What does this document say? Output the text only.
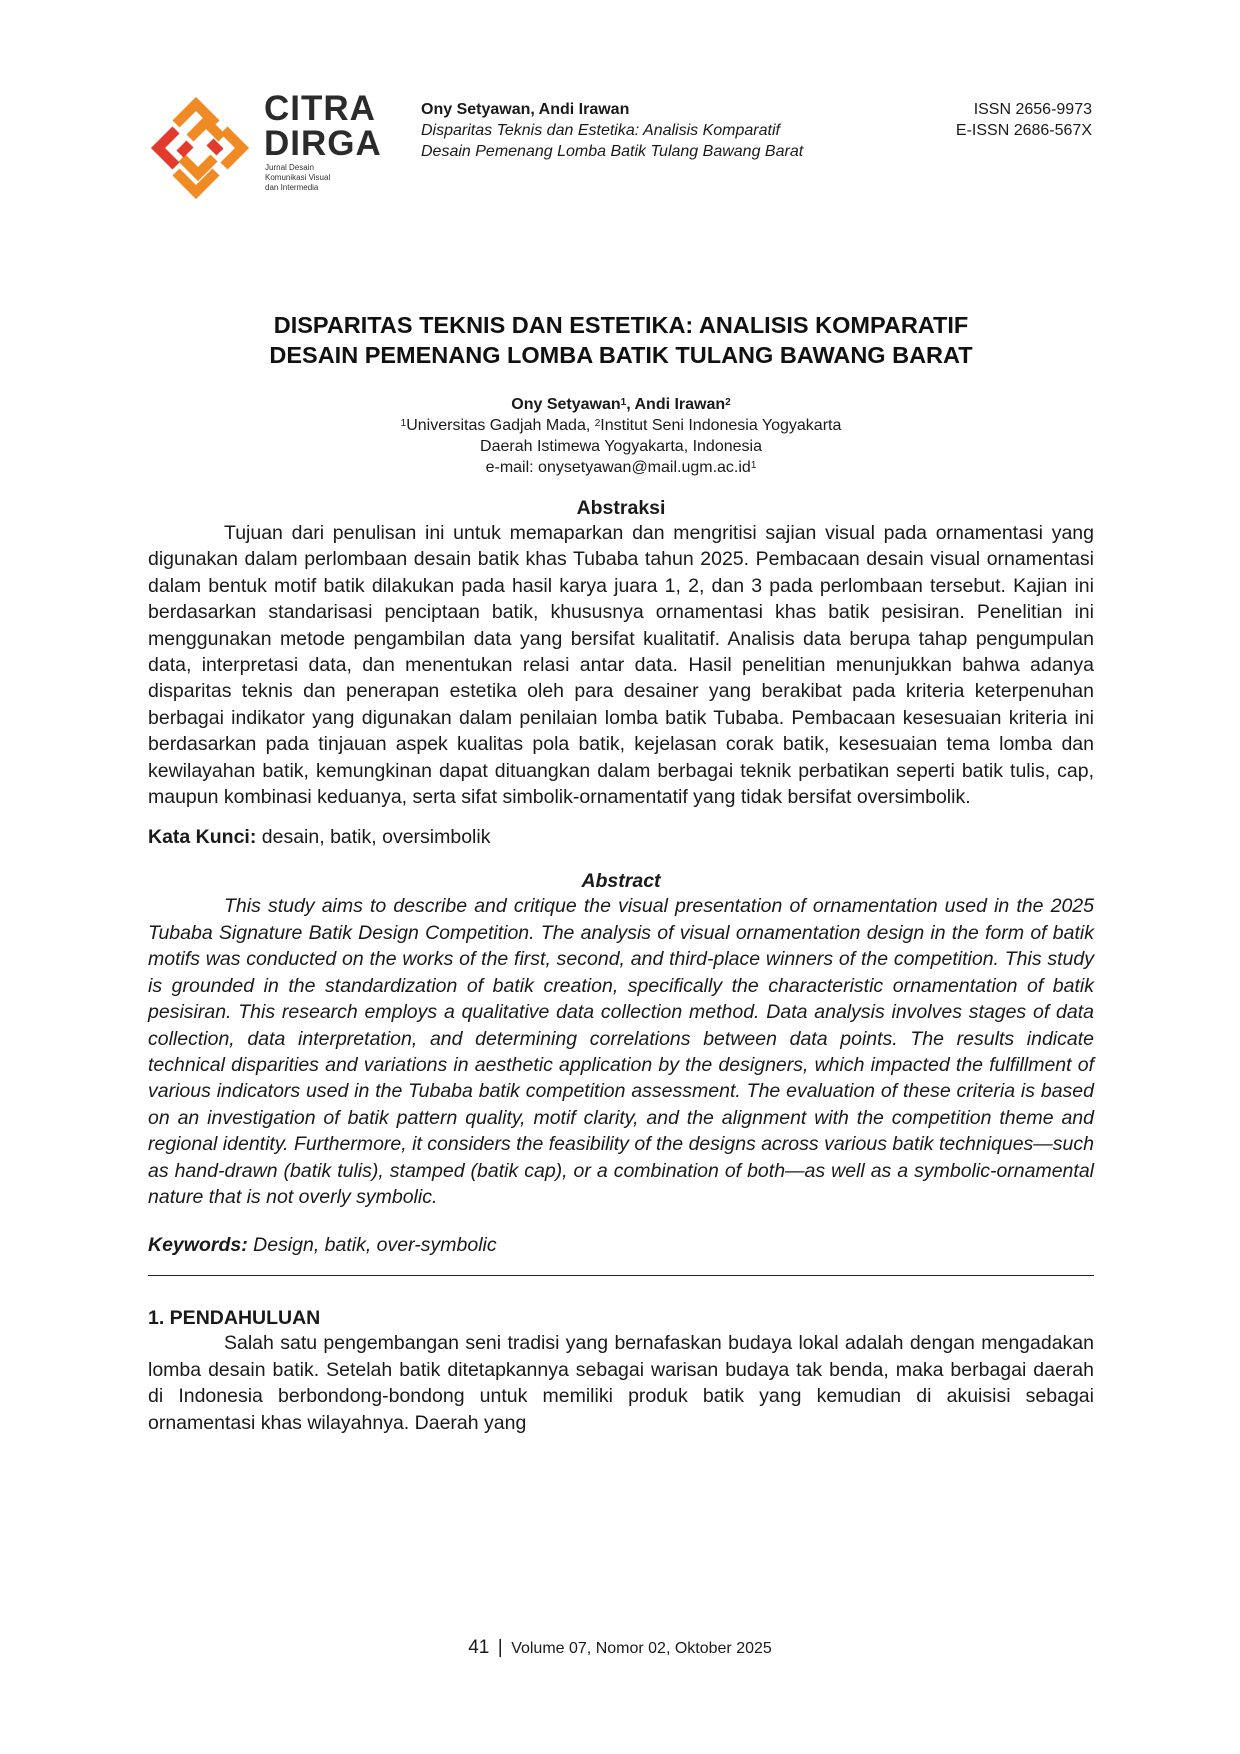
CITRA
DIRGA
Jurnal Desain
Komunikasi Visual
dan Intermedia
Ony Setyawan, Andi Irawan
Disparitas Teknis dan Estetika: Analisis Komparatif
Desain Pemenang Lomba Batik Tulang Bawang Barat
ISSN 2656-9973
E-ISSN 2686-567X
DISPARITAS TEKNIS DAN ESTETIKA: ANALISIS KOMPARATIF
DESAIN PEMENANG LOMBA BATIK TULANG BAWANG BARAT
Ony Setyawan$^1$, Andi Irawan$^2$
$^1$Universitas Gadjah Mada, $^2$Institut Seni Indonesia Yogyakarta
Daerah Istimewa Yogyakarta, Indonesia
e-mail: $onysetyawan@mail.ugm.ac.id^1$
Abstraksi

Tujuan dari penulisan ini untuk memaparkan dan mengritisi sajian visual pada ornamentasi yang digunakan dalam perlombaan desain batik khas Tubaba tahun 2025. Pembacaan desain visual ornamentasi dalam bentuk motif batik dilakukan pada hasil karya juara 1, 2, dan 3 pada perlombaan tersebut. Kajian ini berdasarkan standarisasi penciptaan batik, khususnya ornamentasi khas batik pesisiran. Penelitian ini menggunakan metode pengambilan data yang bersifat kualitatif. Analisis data berupa tahap pengumpulan data, interpretasi data, dan menentukan relasi antar data. Hasil penelitian menunjukkan bahwa adanya disparitas teknis dan penerapan estetika oleh para desainer yang berakibat pada kriteria keterpenuhan berbagai indikator yang digunakan dalam penilaian lomba batik Tubaba. Pembacaan kesesuaian kriteria ini berdasarkan pada tinjauan aspek kualitas pola batik, kejelasan corak batik, kesesuaian tema lomba dan kewilayahan batik, kemungkinan dapat dituangkan dalam berbagai teknik perbatikan seperti batik tulis, cap, maupun kombinasi keduanya, serta sifat simbolik-ornamentatif yang tidak bersifat oversimbolik.

Kata Kunci: desain, batik, oversimbolik
Abstract

This study aims to describe and critique the visual presentation of ornamentation used in the 2025 Tubaba Signature Batik Design Competition. The analysis of visual ornamentation design in the form of batik motifs was conducted on the works of the first, second, and third-place winners of the competition. This study is grounded in the standardization of batik creation, specifically the characteristic ornamentation of batik pesisiran. This research employs a qualitative data collection method. Data analysis involves stages of data collection, data interpretation, and determining correlations between data points. The results indicate technical disparities and variations in aesthetic application by the designers, which impacted the fulfillment of various indicators used in the Tubaba batik competition assessment. The evaluation of these criteria is based on an investigation of batik pattern quality, motif clarity, and the alignment with the competition theme and regional identity. Furthermore, it considers the feasibility of the designs across various batik techniques—such as hand-drawn (batik tulis), stamped (batik cap), or a combination of both—as well as a symbolic-ornamental nature that is not overly symbolic.

Keywords: Design, batik, over-symbolic
1. PENDAHULUAN

Salah satu pengembangan seni tradisi yang bernafaskan budaya lokal adalah dengan mengadakan lomba desain batik. Setelah batik ditetapkannya sebagai warisan budaya tak benda, maka berbagai daerah di Indonesia berbondong-bondong untuk memiliki produk batik yang kemudian di akuisisi sebagai ornamentasi khas wilayahnya. Daerah yang

41 | Volume 07, Nomor 02, Oktober 2025
